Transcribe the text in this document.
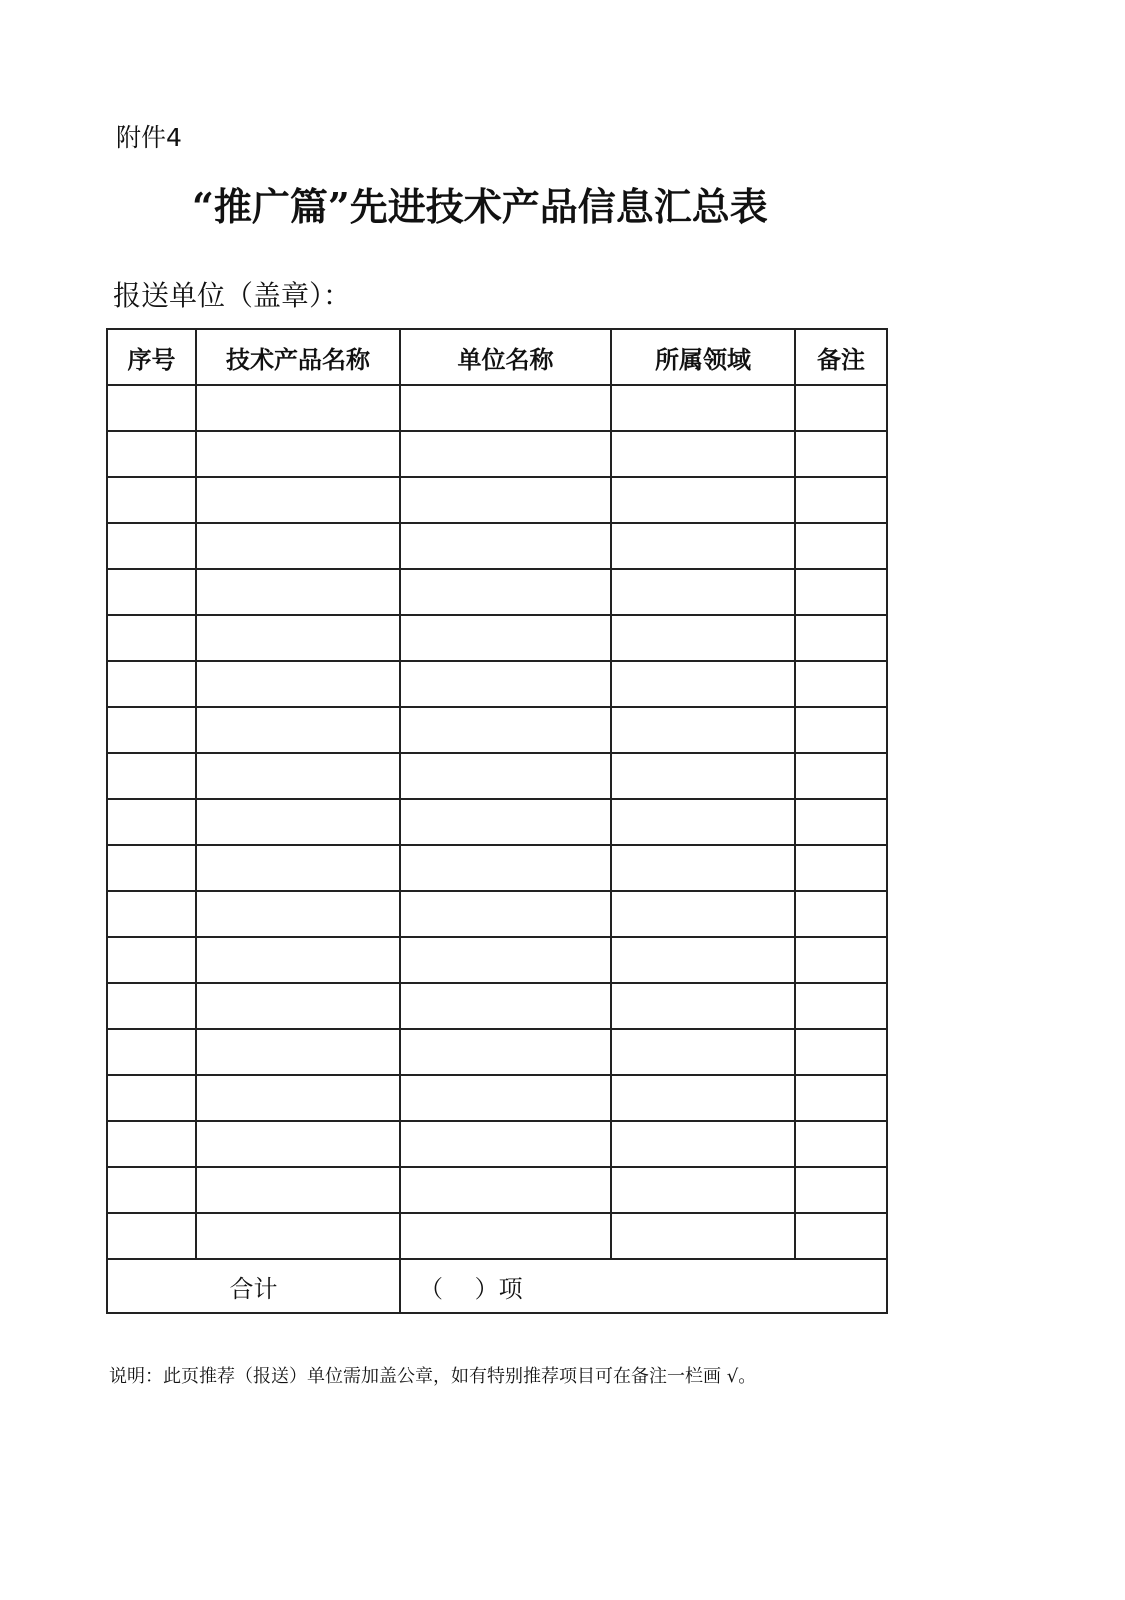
附件4
“推广篇”先进技术产品信息汇总表
报送单位（盖章）：
序号	技术产品名称	单位名称	所属领域	备注

合计		（　 ）项		
说明：此页推荐（报送）单位需加盖公章，如有特别推荐项目可在备注一栏画 √。
